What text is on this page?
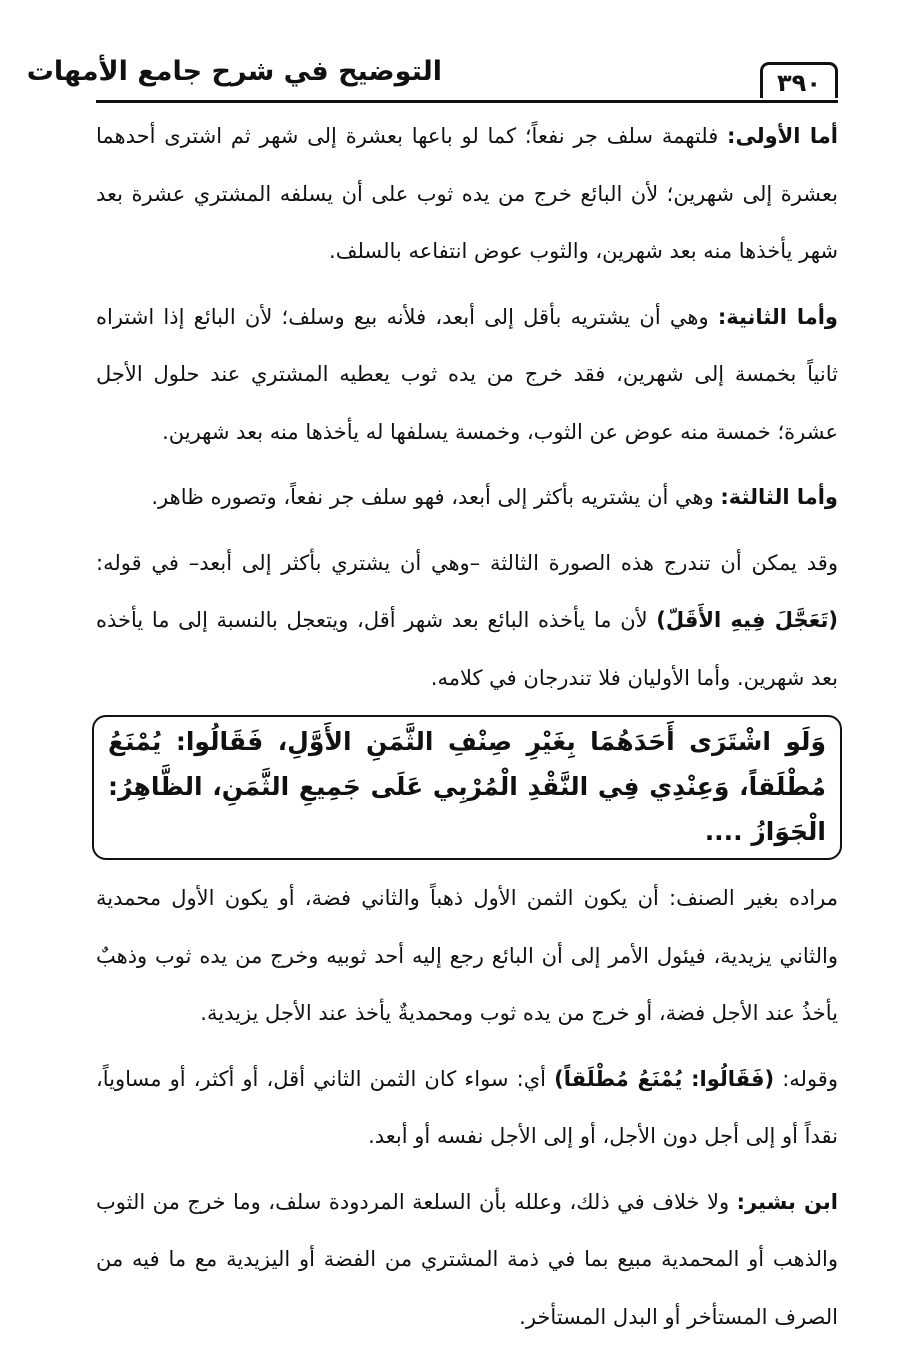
٣٩٠
التوضيح في شرح جامع الأمهات

أما الأولى: فلتهمة سلف جر نفعاً؛ كما لو باعها بعشرة إلى شهر ثم اشترى أحدهما بعشرة إلى شهرين؛ لأن البائع خرج من يده ثوب على أن يسلفه المشتري عشرة بعد شهر يأخذها منه بعد شهرين، والثوب عوض انتفاعه بالسلف.

وأما الثانية: وهي أن يشتريه بأقل إلى أبعد، فلأنه بيع وسلف؛ لأن البائع إذا اشتراه ثانياً بخمسة إلى شهرين، فقد خرج من يده ثوب يعطيه المشتري عند حلول الأجل عشرة؛ خمسة منه عوض عن الثوب، وخمسة يسلفها له يأخذها منه بعد شهرين.

وأما الثالثة: وهي أن يشتريه بأكثر إلى أبعد، فهو سلف جر نفعاً، وتصوره ظاهر.

وقد يمكن أن تندرج هذه الصورة الثالثة –وهي أن يشتري بأكثر إلى أبعد– في قوله: (تَعَجَّلَ فِيهِ الأَقَلّ) لأن ما يأخذه البائع بعد شهر أقل، ويتعجل بالنسبة إلى ما يأخذه بعد شهرين. وأما الأوليان فلا تندرجان في كلامه.

وَلَو اشْتَرَى أَحَدَهُمَا بِغَيْرِ صِنْفِ الثَّمَنِ الأَوَّلِ، فَقَالُوا: يُمْنَعُ مُطْلَقاً، وَعِنْدِي فِي النَّقْدِ الْمُرْبِي عَلَى جَمِيعِ الثَّمَنِ، الظَّاهِرُ: الْجَوَازُ ....

مراده بغير الصنف: أن يكون الثمن الأول ذهباً والثاني فضة، أو يكون الأول محمدية والثاني يزيدية، فيئول الأمر إلى أن البائع رجع إليه أحد ثوبيه وخرج من يده ثوب وذهبٌ يأخذُ عند الأجل فضة، أو خرج من يده ثوب ومحمديةٌ يأخذ عند الأجل يزيدية.

وقوله: (فَقَالُوا: يُمْنَعُ مُطْلَقاً) أي: سواء كان الثمن الثاني أقل، أو أكثر، أو مساوياً، نقداً أو إلى أجل دون الأجل، أو إلى الأجل نفسه أو أبعد.

ابن بشير: ولا خلاف في ذلك، وعلله بأن السلعة المردودة سلف، وما خرج من الثوب والذهب أو المحمدية مبيع بما في ذمة المشتري من الفضة أو اليزيدية مع ما فيه من الصرف المستأخر أو البدل المستأخر.
